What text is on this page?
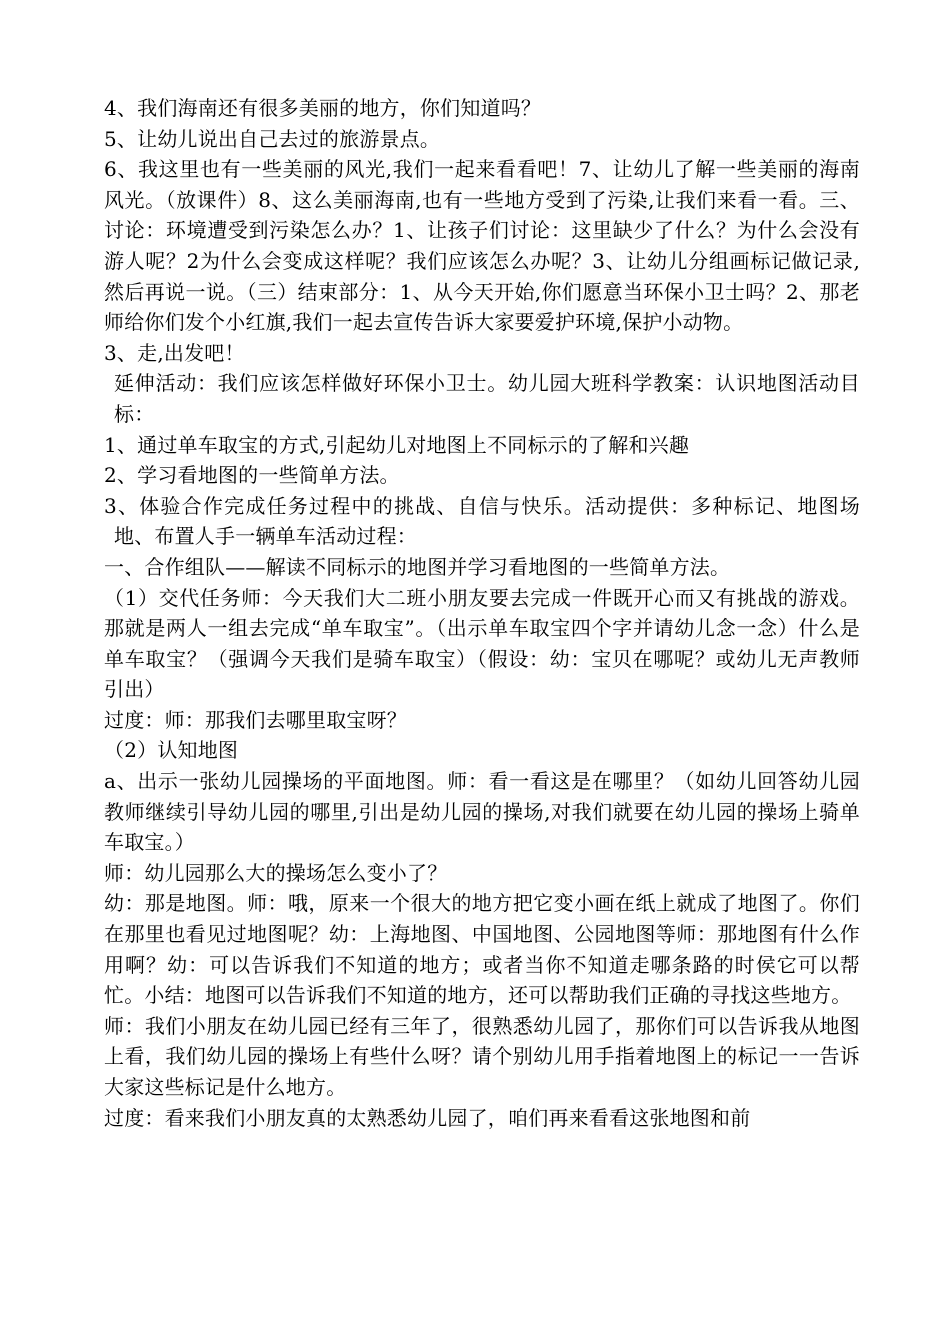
4、我们海南还有很多美丽的地方，你们知道吗？

5、让幼儿说出自己去过的旅游景点。

6、我这里也有一些美丽的风光,我们一起来看看吧！7、让幼儿了解一些美丽的海南风光。（放课件）8、这么美丽海南,也有一些地方受到了污染,让我们来看一看。三、讨论：环境遭受到污染怎么办？1、让孩子们讨论：这里缺少了什么？为什么会没有游人呢？2为什么会变成这样呢？我们应该怎么办呢？3、让幼儿分组画标记做记录,然后再说一说。（三）结束部分：1、从今天开始,你们愿意当环保小卫士吗？2、那老师给你们发个小红旗,我们一起去宣传告诉大家要爱护环境,保护小动物。

3、走,出发吧！

延伸活动：我们应该怎样做好环保小卫士。幼儿园大班科学教案：认识地图活动目标：

1、通过单车取宝的方式,引起幼儿对地图上不同标示的了解和兴趣

2、学习看地图的一些简单方法。

3、体验合作完成任务过程中的挑战、自信与快乐。活动提供：多种标记、地图场地、布置人手一辆单车活动过程：

一、合作组队——解读不同标示的地图并学习看地图的一些简单方法。

（1）交代任务师：今天我们大二班小朋友要去完成一件既开心而又有挑战的游戏。那就是两人一组去完成“单车取宝”。（出示单车取宝四个字并请幼儿念一念）什么是单车取宝？（强调今天我们是骑车取宝）（假设：幼：宝贝在哪呢？或幼儿无声教师引出）

过度：师：那我们去哪里取宝呀？

（2）认知地图

a、出示一张幼儿园操场的平面地图。师：看一看这是在哪里？（如幼儿回答幼儿园教师继续引导幼儿园的哪里,引出是幼儿园的操场,对我们就要在幼儿园的操场上骑单车取宝。）

师：幼儿园那么大的操场怎么变小了？

幼：那是地图。师：哦，原来一个很大的地方把它变小画在纸上就成了地图了。你们在那里也看见过地图呢？幼：上海地图、中国地图、公园地图等师：那地图有什么作用啊？幼：可以告诉我们不知道的地方；或者当你不知道走哪条路的时侯它可以帮忙。小结：地图可以告诉我们不知道的地方，还可以帮助我们正确的寻找这些地方。

师：我们小朋友在幼儿园已经有三年了，很熟悉幼儿园了，那你们可以告诉我从地图上看，我们幼儿园的操场上有些什么呀？请个别幼儿用手指着地图上的标记一一告诉大家这些标记是什么地方。

过度：看来我们小朋友真的太熟悉幼儿园了，咱们再来看看这张地图和前
